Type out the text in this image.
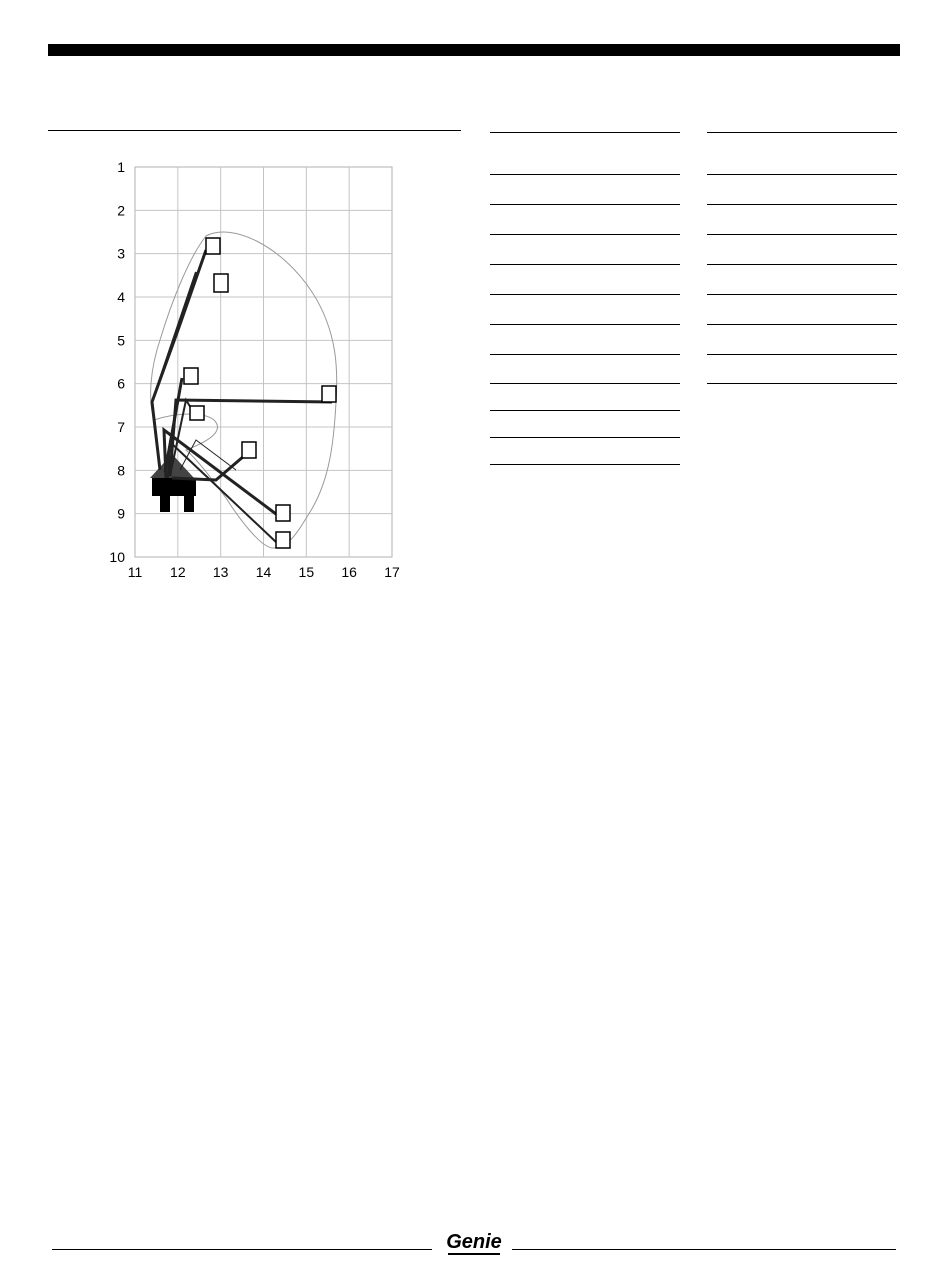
1
2
3
4
5
6
7
8
9
10
11 12 13 14 15 16 17
Genie
